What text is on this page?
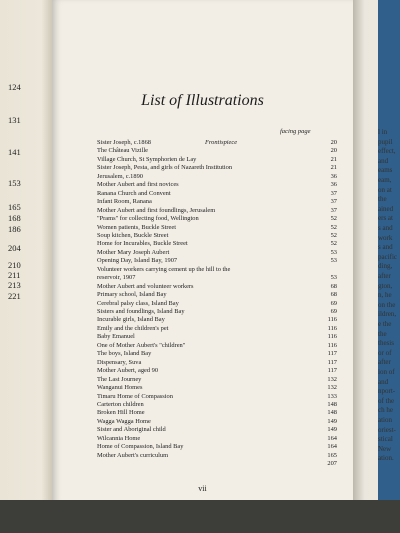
124
131
141
153
165
168
186
204
210
211
213
221
l in
pupil
effect,
and
eams
eam,
on at
the
ained
ers at
s and
work
s and
pacific
ding,
after
gton,
n, he
on the
ildren,
e the
the
thesis
or of
after
ion of
and
nport-
of the
ch he
ation
oriest-
stical
New
ation.
List of Illustrations
facing page
Sister Joseph, c.1868	Frontispiece	20
The Château Vizille	20
Village Church, St Symphorien de Lay	21
Sister Joseph, Pesta, and girls of Nazareth Institution	21
Jerusalem, c.1890	36
Mother Aubert and first novices	36
Ranana Church and Convent	37
Infant Room, Ranana	37
Mother Aubert and first foundlings, Jerusalem	37
"Prams" for collecting food, Wellington	52
Women patients, Buckle Street	52
Soup kitchen, Buckle Street	52
Home for Incurables, Buckle Street	52
Mother Mary Joseph Aubert	53
Opening Day, Island Bay, 1907	53
Volunteer workers carrying cement up the hill to the
reservoir, 1907	53
Mother Aubert and volunteer workers	68
Primary school, Island Bay	68
Cerebral palsy class, Island Bay	69
Sisters and foundlings, Island Bay	69
Incurable girls, Island Bay	116
Emily and the children's pet	116
Baby Emanuel	116
One of Mother Aubert's "children"	116
The boys, Island Bay	117
Dispensary, Suva	117
Mother Aubert, aged 90	117
The Last Journey	132
Wanganui Homes	132
Timaru Home of Compassion	133
Carterton children	148
Broken Hill Home	148
Wagga Wagga Home	149
Sister and Aboriginal child	149
Wilcannia Home	164
Home of Compassion, Island Bay	164
Mother Aubert's curriculum	165
207
vii
